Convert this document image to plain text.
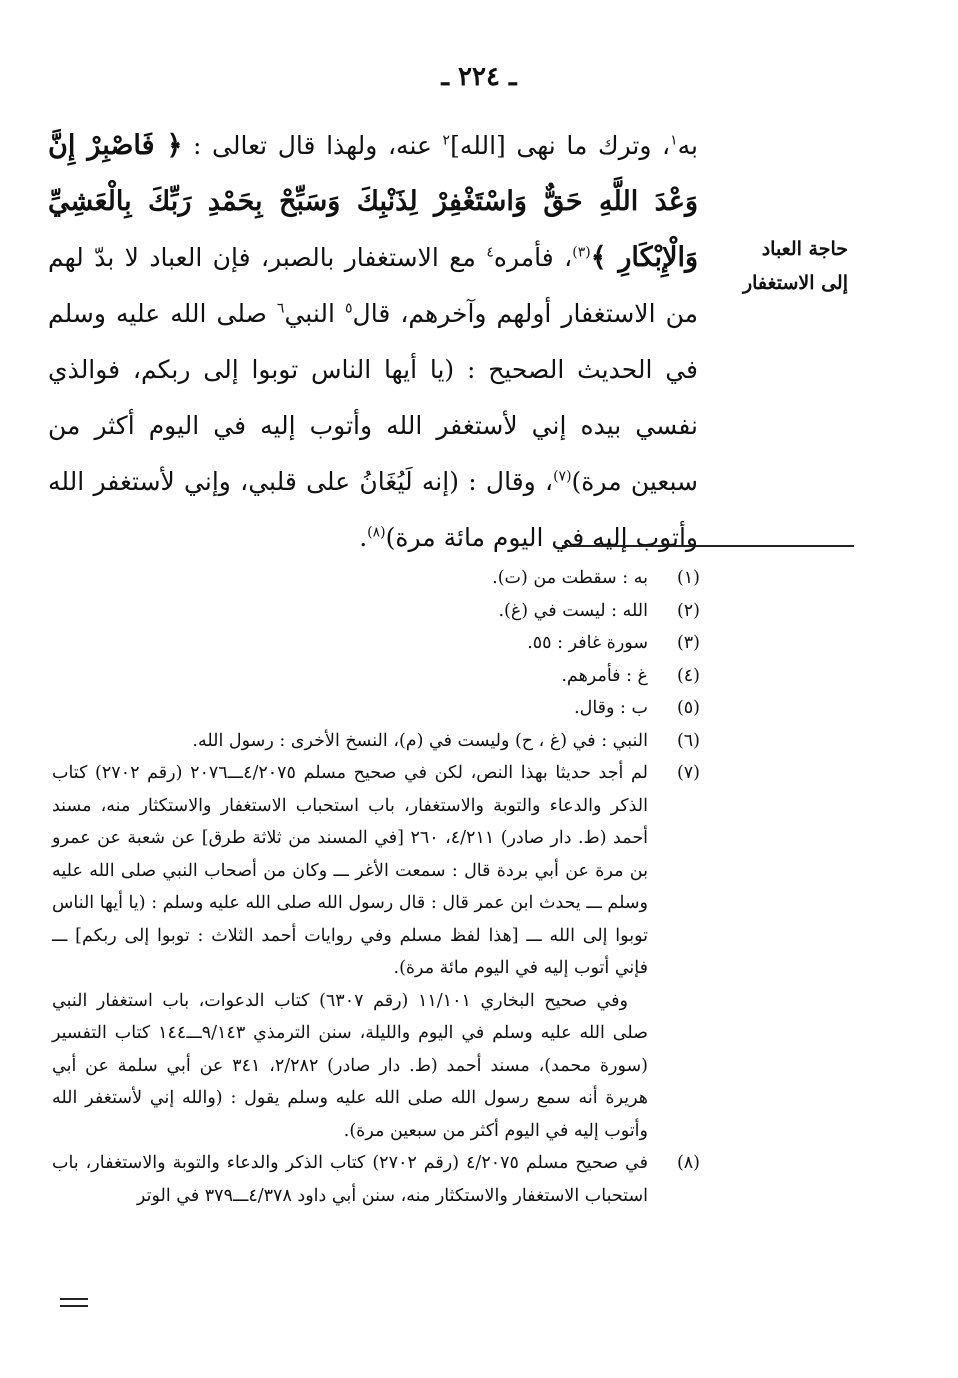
ـ ٢٢٤ ـ
حاجة العباد
إلى الاستغفار
به$^١$، وترك ما نهى [الله]$^٢$ عنه، ولهذا قال تعالى : ﴿ فَاصْبِرْ إِنَّ وَعْدَ اللَّهِ حَقٌّ وَاسْتَغْفِرْ لِذَنْبِكَ وَسَبِّحْ بِحَمْدِ رَبِّكَ بِالْعَشِيِّ وَالْإِبْكَارِ ﴾$^{(٣)}$، فأمره$^٤$ مع الاستغفار بالصبر، فإن العباد لا بدّ لهم من الاستغفار أولهم وآخرهم، قال$^٥$ النبي$^٦$ صلى الله عليه وسلم في الحديث الصحيح : (يا أيها الناس توبوا إلى ربكم، فوالذي نفسي بيده إني لأستغفر الله وأتوب إليه في اليوم أكثر من سبعين مرة)$^{(٧)}$، وقال : (إنه لَيُغَانُ على قلبي، وإني لأستغفر الله وأتوب إليه في اليوم مائة مرة)$^{(٨)}$.
(١)
به : سقطت من (ت).
(٢)
الله : ليست في (غ).
(٣)
سورة غافر : ٥٥.
(٤)
غ : فأمرهم.
(٥)
ب : وقال.
(٦)
النبي : في (غ ، ح) وليست في (م)، النسخ الأخرى : رسول الله.
(٧)
لم أجد حديثا بهذا النص، لكن في صحيح مسلم ٤/٢٠٧٥ـــ٢٠٧٦ (رقم ٢٧٠٢) كتاب الذكر والدعاء والتوبة والاستغفار، باب استحباب الاستغفار والاستكثار منه، مسند أحمد (ط. دار صادر) ٤/٢١١، ٢٦٠ [في المسند من ثلاثة طرق] عن شعبة عن عمرو بن مرة عن أبي بردة قال : سمعت الأغر ـــ وكان من أصحاب النبي صلى الله عليه وسلم ـــ يحدث ابن عمر قال : قال رسول الله صلى الله عليه وسلم : (يا أيها الناس توبوا إلى الله ـــ [هذا لفظ مسلم وفي روايات أحمد الثلاث : توبوا إلى ربكم] ـــ فإني أتوب إليه في اليوم مائة مرة).
وفي صحيح البخاري ١١/١٠١ (رقم ٦٣٠٧) كتاب الدعوات، باب استغفار النبي صلى الله عليه وسلم في اليوم والليلة، سنن الترمذي ٩/١٤٣ـــ١٤٤ كتاب التفسير (سورة محمد)، مسند أحمد (ط. دار صادر) ٢/٢٨٢، ٣٤١ عن أبي سلمة عن أبي هريرة أنه سمع رسول الله صلى الله عليه وسلم يقول : (والله إني لأستغفر الله وأتوب إليه في اليوم أكثر من سبعين مرة).
(٨)
في صحيح مسلم ٤/٢٠٧٥ (رقم ٢٧٠٢) كتاب الذكر والدعاء والتوبة والاستغفار، باب استحباب الاستغفار والاستكثار منه، سنن أبي داود ٤/٣٧٨ـــ٣٧٩ في الوتر
